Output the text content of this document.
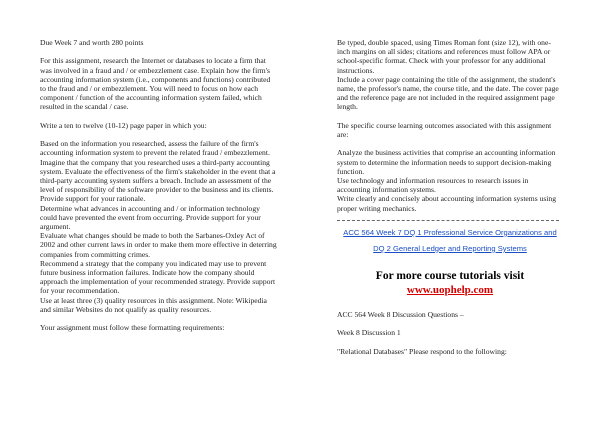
Due Week 7 and worth 280 points

For this assignment, research the Internet or databases to locate a firm that was involved in a fraud and / or embezzlement case. Explain how the firm's accounting information system (i.e., components and functions) contributed to the fraud and / or embezzlement. You will need to focus on how each component / function of the accounting information system failed, which resulted in the scandal / case.

Write a ten to twelve (10-12) page paper in which you:

Based on the information you researched, assess the failure of the firm's accounting information system to prevent the related fraud / embezzlement.

Imagine that the company that you researched uses a third-party accounting system. Evaluate the effectiveness of the firm's stakeholder in the event that a third-party accounting system suffers a breach. Include an assessment of the level of responsibility of the software provider to the business and its clients. Provide support for your rationale.

Determine what advances in accounting and / or information technology could have prevented the event from occurring. Provide support for your argument.

Evaluate what changes should be made to both the Sarbanes-Oxley Act of 2002 and other current laws in order to make them more effective in deterring companies from committing crimes.

Recommend a strategy that the company you indicated may use to prevent future business information failures. Indicate how the company should approach the implementation of your recommended strategy. Provide support for your recommendation.

Use at least three (3) quality resources in this assignment. Note: Wikipedia and similar Websites do not qualify as quality resources.

Your assignment must follow these formatting requirements:

Be typed, double spaced, using Times Roman font (size 12), with one-inch margins on all sides; citations and references must follow APA or school-specific format. Check with your professor for any additional instructions.

Include a cover page containing the title of the assignment, the student's name, the professor's name, the course title, and the date. The cover page and the reference page are not included in the required assignment page length.

The specific course learning outcomes associated with this assignment are:

Analyze the business activities that comprise an accounting information system to determine the information needs to support decision-making function.

Use technology and information resources to research issues in accounting information systems.

Write clearly and concisely about accounting information systems using proper writing mechanics.

ACC 564 Week 7 DQ 1 Professional Service Organizations and DQ 2 General Ledger and Reporting Systems
For more course tutorials visit
www.uophelp.com

ACC 564 Week 8 Discussion Questions –

Week 8 Discussion 1

"Relational Databases" Please respond to the following:
